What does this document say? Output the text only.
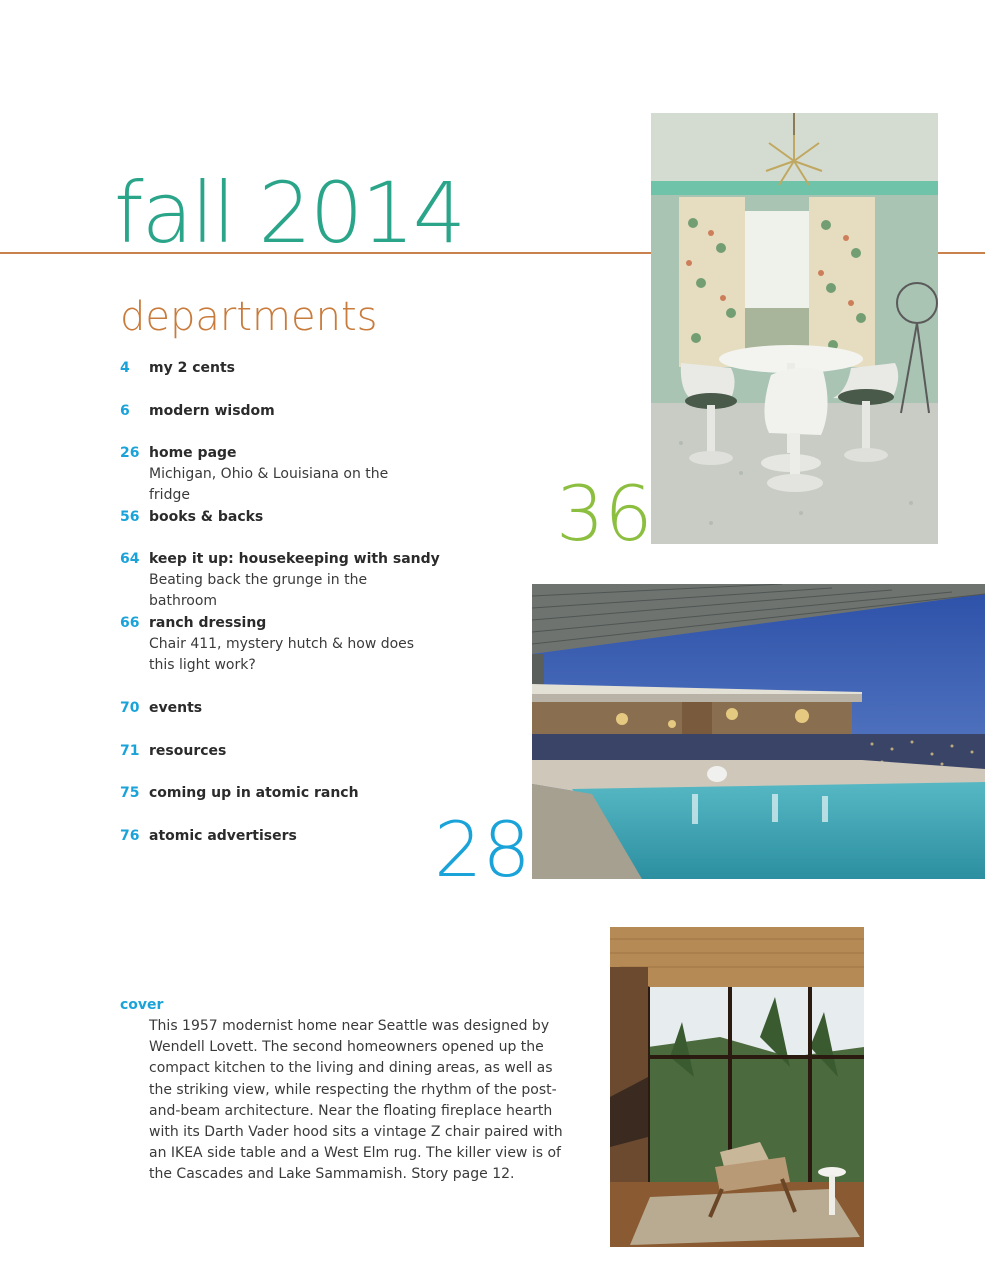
fall 2014
departments
4	my 2 cents
6	modern wisdom
26 home page
Michigan, Ohio & Louisiana on the fridge
56 books & backs
64 keep it up: housekeeping with sandy
Beating back the grunge in the bathroom
66 ranch dressing
Chair 411, mystery hutch & how does this light work?
70 events
71 resources
75 coming up in atomic ranch
76 atomic advertisers
36
28
cover

This 1957 modernist home near Seattle was designed by Wendell Lovett. The second homeowners opened up the compact kitchen to the living and dining areas, as well as the striking view, while respecting the rhythm of the post-and-beam architecture. Near the floating fireplace hearth with its Darth Vader hood sits a vintage Z chair paired with an IKEA side table and a West Elm rug. The killer view is of the Cascades and Lake Sammamish. Story page 12.
